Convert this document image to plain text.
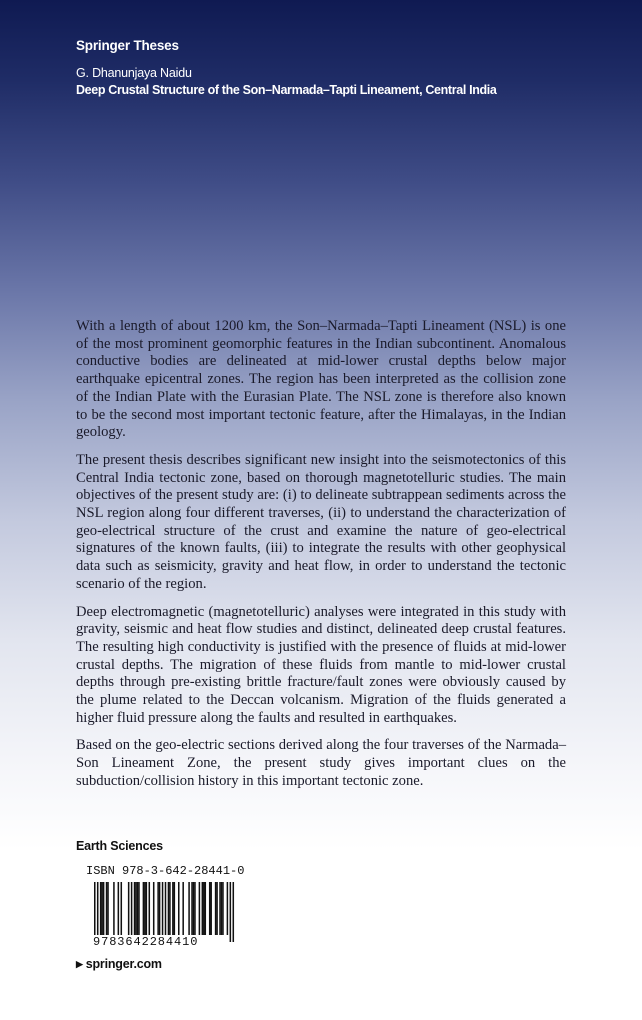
Springer Theses
G. Dhanunjaya Naidu
Deep Crustal Structure of the Son–Narmada–Tapti Lineament, Central India

With a length of about 1200 km, the Son–Narmada–Tapti Lineament (NSL) is one of the most prominent geomorphic features in the Indian subcontinent. Anomalous conductive bodies are delineated at mid-lower crustal depths below major earthquake epicentral zones. The region has been interpreted as the collision zone of the Indian Plate with the Eurasian Plate. The NSL zone is therefore also known to be the second most important tectonic feature, after the Himalayas, in the Indian geology.

The present thesis describes significant new insight into the seismotectonics of this Central India tectonic zone, based on thorough magnetotelluric studies. The main objectives of the present study are: (i) to delineate subtrappean sediments across the NSL region along four different traverses, (ii) to understand the characterization of geo-electrical structure of the crust and examine the nature of geo-electrical signatures of the known faults, (iii) to integrate the results with other geophysical data such as seismicity, gravity and heat flow, in order to understand the tectonic scenario of the region.

Deep electromagnetic (magnetotelluric) analyses were integrated in this study with gravity, seismic and heat flow studies and distinct, delineated deep crustal features. The resulting high conductivity is justified with the presence of fluids at mid-lower crustal depths. The migration of these fluids from mantle to mid-lower crustal depths through pre-existing brittle fracture/fault zones were obviously caused by the plume related to the Deccan volcanism. Migration of the fluids generated a higher fluid pressure along the faults and resulted in earthquakes.

Based on the geo-electric sections derived along the four traverses of the Narmada–Son Lineament Zone, the present study gives important clues on the subduction/collision history in this important tectonic zone.

Earth Sciences
ISBN 978-3-642-28441-0
9783642284410
▶ springer.com
